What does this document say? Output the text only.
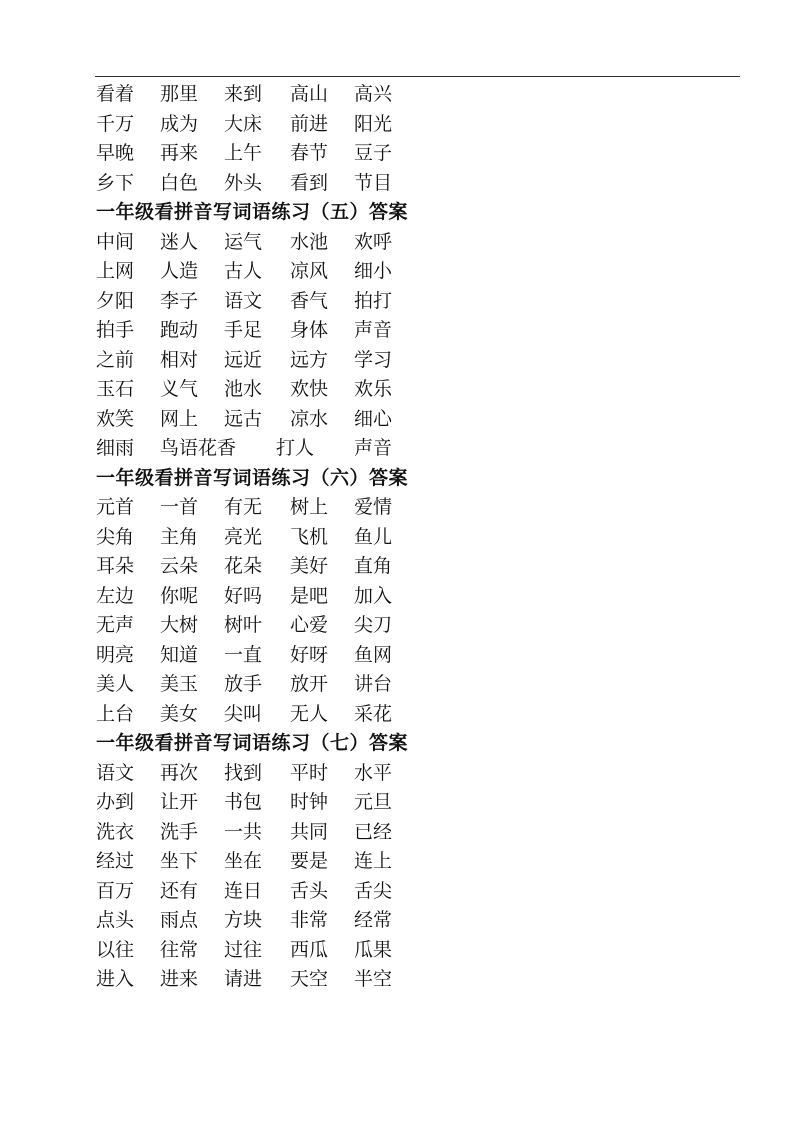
看着 那里 来到 高山 高兴
千万 成为 大床 前进 阳光
早晚 再来 上午 春节 豆子
乡下 白色 外头 看到 节目
一年级看拼音写词语练习（五）答案
中间 迷人 运气 水池 欢呼
上网 人造 古人 凉风 细小
夕阳 李子 语文 香气 拍打
拍手 跑动 手足 身体 声音
之前 相对 远近 远方 学习
玉石 义气 池水 欢快 欢乐
欢笑 网上 远古 凉水 细心
细雨 鸟语花香 打人 声音
一年级看拼音写词语练习（六）答案
元首 一首 有无 树上 爱情
尖角 主角 亮光 飞机 鱼儿
耳朵 云朵 花朵 美好 直角
左边 你呢 好吗 是吧 加入
无声 大树 树叶 心爱 尖刀
明亮 知道 一直 好呀 鱼网
美人 美玉 放手 放开 讲台
上台 美女 尖叫 无人 采花
一年级看拼音写词语练习（七）答案
语文 再次 找到 平时 水平
办到 让开 书包 时钟 元旦
洗衣 洗手 一共 共同 已经
经过 坐下 坐在 要是 连上
百万 还有 连日 舌头 舌尖
点头 雨点 方块 非常 经常
以往 往常 过往 西瓜 瓜果
进入 进来 请进 天空 半空
